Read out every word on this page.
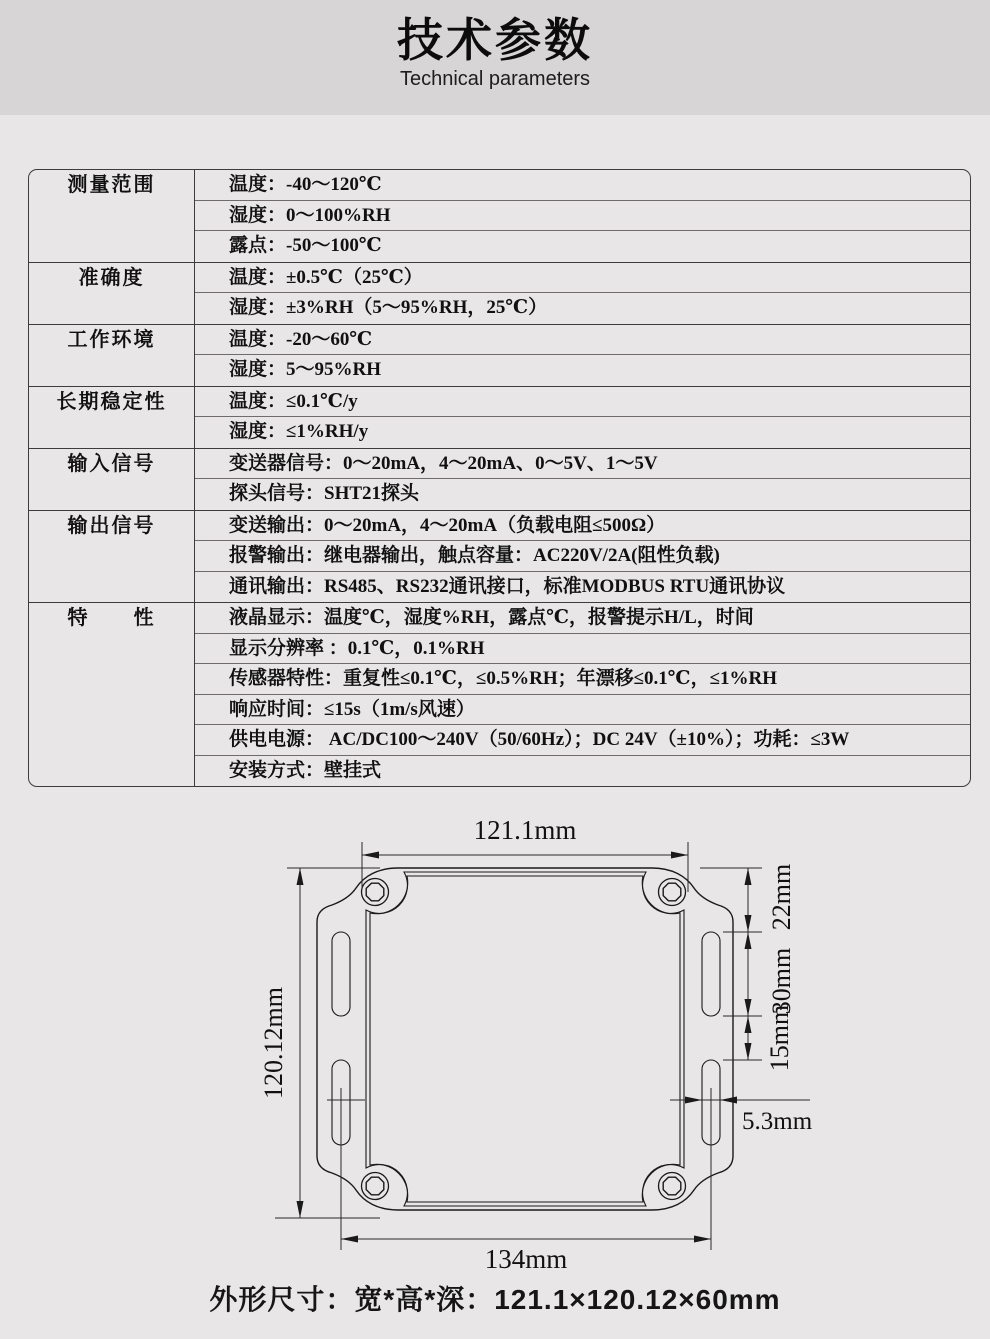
技术参数

Technical parameters

测量范围	温度：-40～120℃
湿度：0～100%RH
露点：-50～100℃
准确度	温度：±0.5℃（25℃）
湿度：±3%RH（5～95%RH，25℃）
工作环境	温度：-20～60℃
湿度：5～95%RH
长期稳定性	温度：≤0.1℃/y
湿度：≤1%RH/y
输入信号	变送器信号：0～20mA，4～20mA、0～5V、1～5V
探头信号：SHT21探头
输出信号	变送输出：0～20mA，4～20mA（负载电阻≤500Ω）
报警输出：继电器输出，触点容量：AC220V/2A(阻性负载)
通讯输出：RS485、RS232通讯接口，标准MODBUS RTU通讯协议
特　　性	液晶显示：温度℃，湿度%RH，露点℃，报警提示H/L，时间
显示分辨率 ：0.1℃，0.1%RH
传感器特性：重复性≤0.1℃，≤0.5%RH；年漂移≤0.1℃，≤1%RH
响应时间：≤15s（1m/s风速）
供电电源： AC/DC100～240V（50/60Hz）；DC 24V（±10%）；功耗：≤3W
安装方式：壁挂式
121.1mm
120.12mm
22mm
30mm
15mm
5.3mm
134mm
外形尺寸：宽*高*深：121.1×120.12×60mm
